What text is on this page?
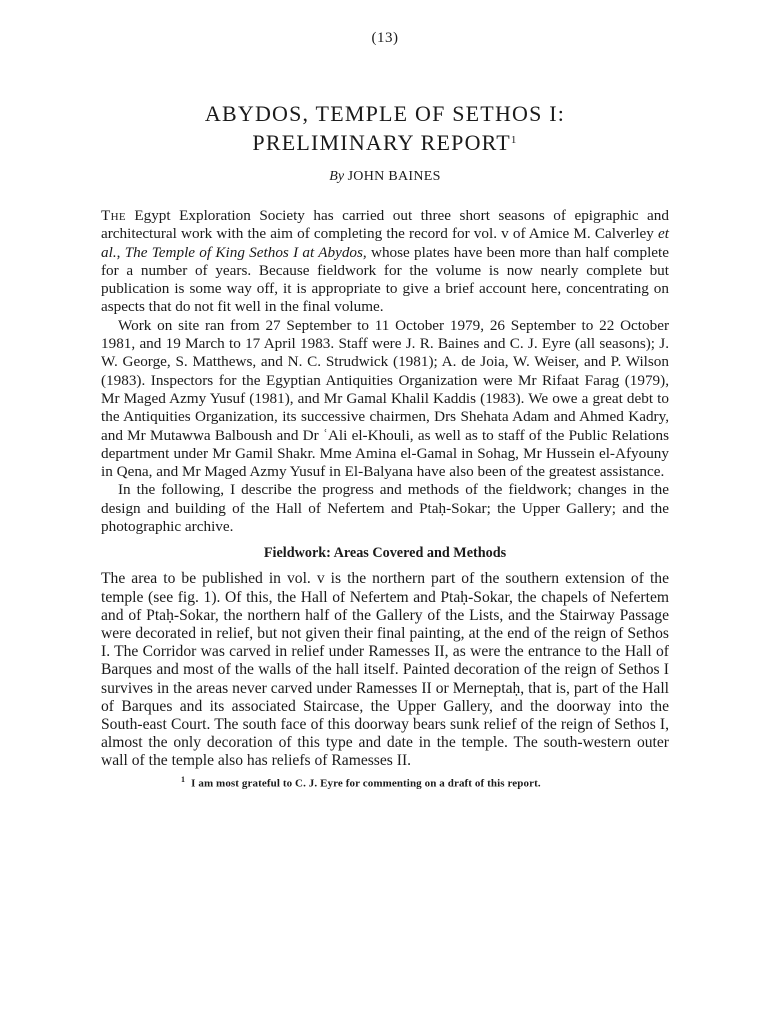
(13)
ABYDOS, TEMPLE OF SETHOS I:
PRELIMINARY REPORT$^1$
By JOHN BAINES

The Egypt Exploration Society has carried out three short seasons of epigraphic and architectural work with the aim of completing the record for vol. v of Amice M. Calverley et al., The Temple of King Sethos I at Abydos, whose plates have been more than half complete for a number of years. Because fieldwork for the volume is now nearly complete but publication is some way off, it is appropriate to give a brief account here, concentrating on aspects that do not fit well in the final volume.

Work on site ran from 27 September to 11 October 1979, 26 September to 22 October 1981, and 19 March to 17 April 1983. Staff were J. R. Baines and C. J. Eyre (all seasons); J. W. George, S. Matthews, and N. C. Strudwick (1981); A. de Joia, W. Weiser, and P. Wilson (1983). Inspectors for the Egyptian Antiquities Organization were Mr Rifaat Farag (1979), Mr Maged Azmy Yusuf (1981), and Mr Gamal Khalil Kaddis (1983). We owe a great debt to the Antiquities Organization, its successive chairmen, Drs Shehata Adam and Ahmed Kadry, and Mr Mutawwa Balboush and Dr ʿAli el-Khouli, as well as to staff of the Public Relations department under Mr Gamil Shakr. Mme Amina el-Gamal in Sohag, Mr Hussein el-Afyouny in Qena, and Mr Maged Azmy Yusuf in El-Balyana have also been of the greatest assistance.

In the following, I describe the progress and methods of the fieldwork; changes in the design and building of the Hall of Nefertem and Ptaḥ-Sokar; the Upper Gallery; and the photographic archive.

Fieldwork: Areas Covered and Methods

The area to be published in vol. v is the northern part of the southern extension of the temple (see fig. 1). Of this, the Hall of Nefertem and Ptaḥ-Sokar, the chapels of Nefertem and of Ptaḥ-Sokar, the northern half of the Gallery of the Lists, and the Stairway Passage were decorated in relief, but not given their final painting, at the end of the reign of Sethos I. The Corridor was carved in relief under Ramesses II, as were the entrance to the Hall of Barques and most of the walls of the hall itself. Painted decoration of the reign of Sethos I survives in the areas never carved under Ramesses II or Merneptaḥ, that is, part of the Hall of Barques and its associated Staircase, the Upper Gallery, and the doorway into the South-east Court. The south face of this doorway bears sunk relief of the reign of Sethos I, almost the only decoration of this type and date in the temple. The south-western outer wall of the temple also has reliefs of Ramesses II.

$^1$ I am most grateful to C. J. Eyre for commenting on a draft of this report.
